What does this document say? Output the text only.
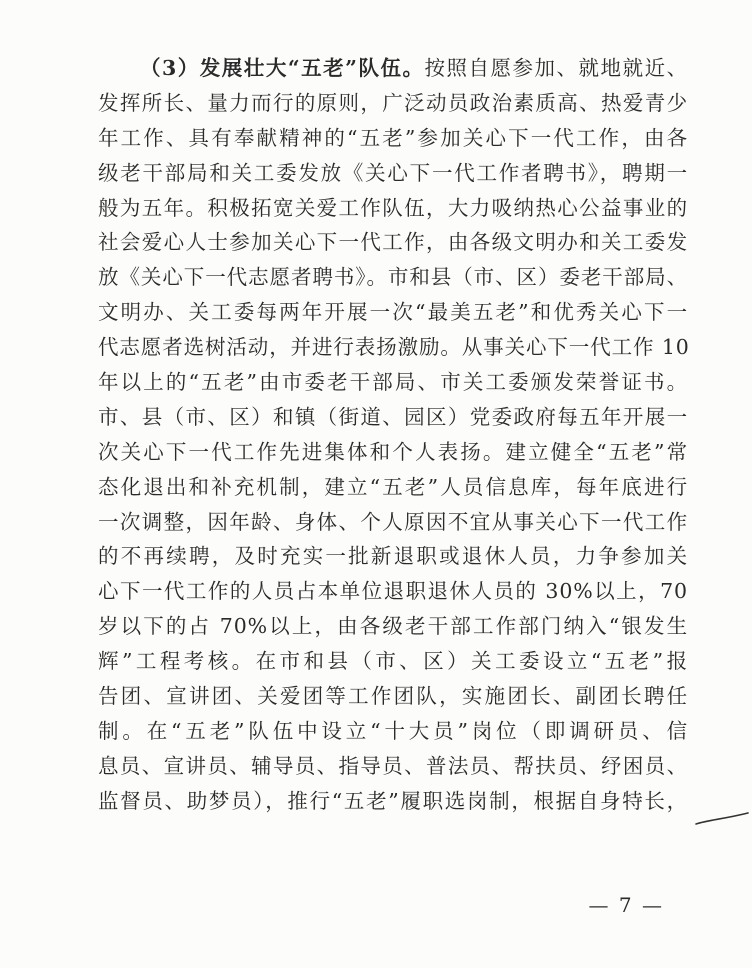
（3）发展壮大“五老”队伍。按照自愿参加、就地就近、
发挥所长、量力而行的原则，广泛动员政治素质高、热爱青少
年工作、具有奉献精神的“五老”参加关心下一代工作，由各
级老干部局和关工委发放《关心下一代工作者聘书》，聘期一
般为五年。积极拓宽关爱工作队伍，大力吸纳热心公益事业的
社会爱心人士参加关心下一代工作，由各级文明办和关工委发
放《关心下一代志愿者聘书》。市和县（市、区）委老干部局、
文明办、关工委每两年开展一次“最美五老”和优秀关心下一
代志愿者选树活动，并进行表扬激励。从事关心下一代工作 10
年以上的“五老”由市委老干部局、市关工委颁发荣誉证书。
市、县（市、区）和镇（街道、园区）党委政府每五年开展一
次关心下一代工作先进集体和个人表扬。建立健全“五老”常
态化退出和补充机制，建立“五老”人员信息库，每年底进行
一次调整，因年龄、身体、个人原因不宜从事关心下一代工作
的不再续聘，及时充实一批新退职或退休人员，力争参加关
心下一代工作的人员占本单位退职退休人员的 30%以上，70
岁以下的占 70%以上，由各级老干部工作部门纳入“银发生
辉”工程考核。在市和县（市、区）关工委设立“五老”报
告团、宣讲团、关爱团等工作团队，实施团长、副团长聘任
制。在“五老”队伍中设立“十大员”岗位（即调研员、信
息员、宣讲员、辅导员、指导员、普法员、帮扶员、纾困员、
监督员、助梦员），推行“五老”履职选岗制，根据自身特长，
— 7 —
